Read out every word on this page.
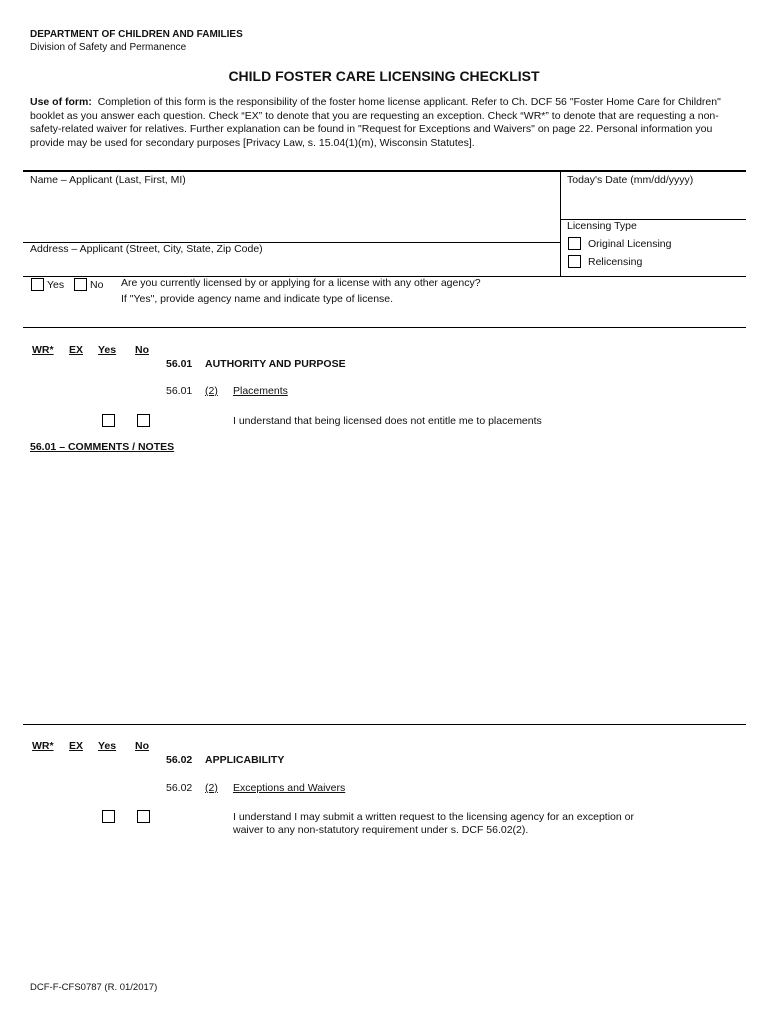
DEPARTMENT OF CHILDREN AND FAMILIES
Division of Safety and Permanence
CHILD FOSTER CARE LICENSING CHECKLIST
Use of form: Completion of this form is the responsibility of the foster home license applicant. Refer to Ch. DCF 56 "Foster Home Care for Children" booklet as you answer each question. Check “EX” to denote that you are requesting an exception. Check “WR*” to denote that are requesting a non-safety-related waiver for relatives. Further explanation can be found in "Request for Exceptions and Waivers" on page 22. Personal information you provide may be used for secondary purposes [Privacy Law, s. 15.04(1)(m), Wisconsin Statutes].
Name – Applicant (Last, First, MI)	Today's Date (mm/dd/yyyy)
Licensing Type
Original Licensing
Relicensing
Address – Applicant (Street, City, State, Zip Code)
Yes No Are you currently licensed by or applying for a license with any other agency?
If "Yes", provide agency name and indicate type of license.
WR* EX Yes No
56.01 AUTHORITY AND PURPOSE
56.01 (2) Placements
I understand that being licensed does not entitle me to placements
56.01 – COMMENTS / NOTES
WR* EX Yes No
56.02 APPLICABILITY
56.02 (2) Exceptions and Waivers
I understand I may submit a written request to the licensing agency for an exception or
waiver to any non-statutory requirement under s. DCF 56.02(2).
DCF-F-CFS0787 (R. 01/2017)
